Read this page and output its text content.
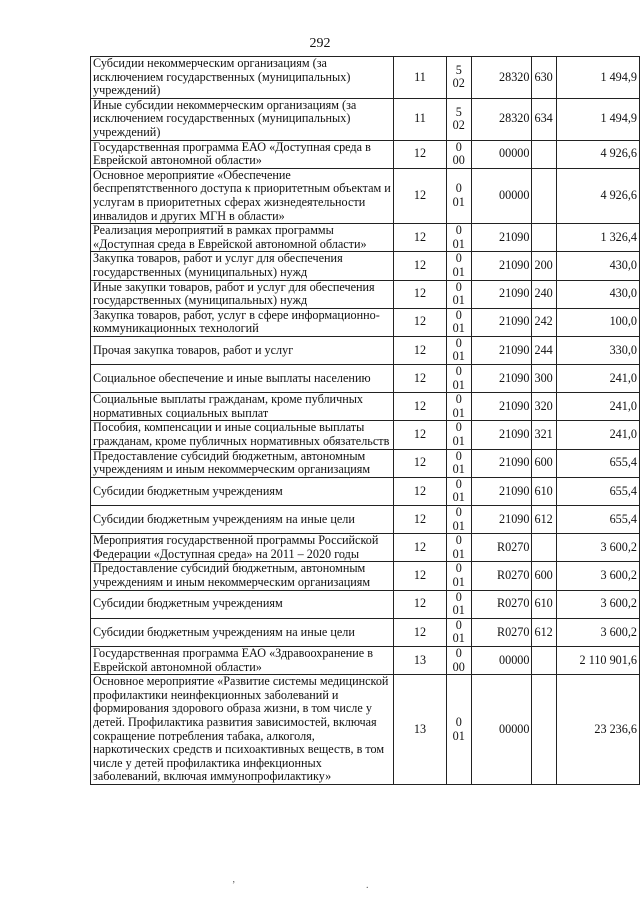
292
Субсидии некоммерческим организациям (за исключением государственных (муниципальных) учреждений)	11	5 02	28320	630	1 494,9
Иные субсидии некоммерческим организациям (за исключением государственных (муниципальных) учреждений)	11	5 02	28320	634	1 494,9
Государственная программа ЕАО «Доступная среда в Еврейской автономной области»	12	0 00	00000		4 926,6
Основное мероприятие «Обеспечение беспрепятственного доступа к приоритетным объектам и услугам в приоритетных сферах жизнедеятельности инвалидов и других МГН в области»	12	0 01	00000		4 926,6
Реализация мероприятий в рамках программы «Доступная среда в Еврейской автономной области»	12	0 01	21090		1 326,4
Закупка товаров, работ и услуг для обеспечения государственных (муниципальных) нужд	12	0 01	21090	200	430,0
Иные закупки товаров, работ и услуг для обеспечения государственных (муниципальных) нужд	12	0 01	21090	240	430,0
Закупка товаров, работ, услуг в сфере информационно-коммуникационных технологий	12	0 01	21090	242	100,0
Прочая закупка товаров, работ и услуг	12	0 01	21090	244	330,0
Социальное обеспечение и иные выплаты населению	12	0 01	21090	300	241,0
Социальные выплаты гражданам, кроме публичных нормативных социальных выплат	12	0 01	21090	320	241,0
Пособия, компенсации и иные социальные выплаты гражданам, кроме публичных нормативных обязательств	12	0 01	21090	321	241,0
Предоставление субсидий бюджетным, автономным учреждениям и иным некоммерческим организациям	12	0 01	21090	600	655,4
Субсидии бюджетным учреждениям	12	0 01	21090	610	655,4
Субсидии бюджетным учреждениям на иные цели	12	0 01	21090	612	655,4
Мероприятия государственной программы Российской Федерации «Доступная среда» на 2011 – 2020 годы	12	0 01	R0270		3 600,2
Предоставление субсидий бюджетным, автономным учреждениям и иным некоммерческим организациям	12	0 01	R0270	600	3 600,2
Субсидии бюджетным учреждениям	12	0 01	R0270	610	3 600,2
Субсидии бюджетным учреждениям на иные цели	12	0 01	R0270	612	3 600,2
Государственная программа ЕАО «Здравоохранение в Еврейской автономной области»	13	0 00	00000		2 110 901,6
Основное мероприятие «Развитие системы медицинской профилактики неинфекционных заболеваний и формирования здорового образа жизни, в том числе у детей. Профилактика развития зависимостей, включая сокращение потребления табака, алкоголя, наркотических средств и психоактивных веществ, в том числе у детей профилактика инфекционных заболеваний, включая иммунопрофилактику»	13	0 01	00000		23 236,6
’	.
